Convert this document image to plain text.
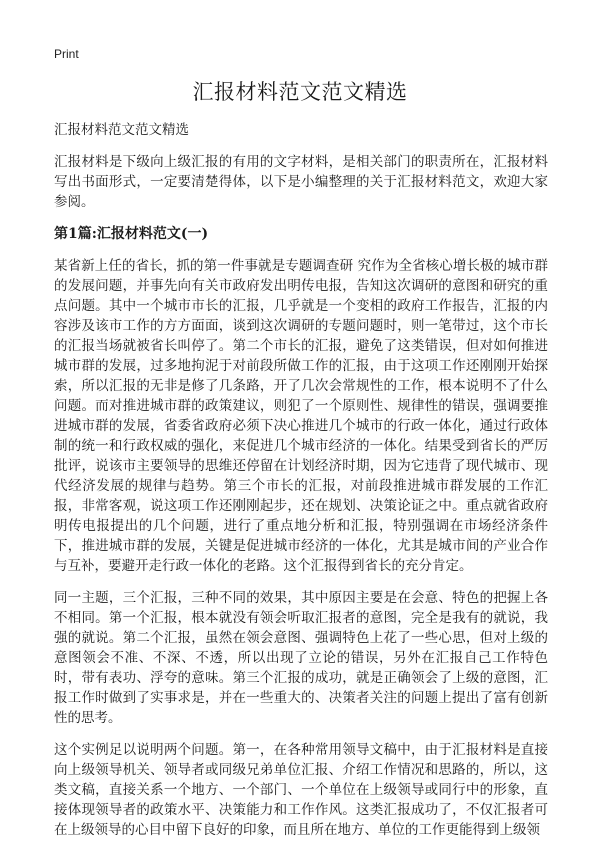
Print
汇报材料范文范文精选

汇报材料范文范文精选

汇报材料是下级向上级汇报的有用的文字材料，是相关部门的职责所在，汇报材料写出书面形式，一定要清楚得体，以下是小编整理的关于汇报材料范文，欢迎大家参阅。

第1篇:汇报材料范文(一)

某省新上任的省长，抓的第一件事就是专题调查研 究作为全省核心增长极的城市群的发展问题，并事先向有关市政府发出明传电报，告知这次调研的意图和研究的重点问题。其中一个城市市长的汇报，几乎就是一个变相的政府工作报告，汇报的内容涉及该市工作的方方面面，谈到这次调研的专题问题时，则一笔带过，这个市长的汇报当场就被省长叫停了。第二个市长的汇报，避免了这类错误，但对如何推进城市群的发展，过多地拘泥于对前段所做工作的汇报，由于这项工作还刚刚开始探索，所以汇报的无非是修了几条路，开了几次会常规性的工作，根本说明不了什么问题。而对推进城市群的政策建议，则犯了一个原则性、规律性的错误，强调要推进城市群的发展，省委省政府必须下决心推进几个城市的行政一体化，通过行政体制的统一和行政权威的强化，来促进几个城市经济的一体化。结果受到省长的严厉批评，说该市主要领导的思维还停留在计划经济时期，因为它违背了现代城市、现代经济发展的规律与趋势。第三个市长的汇报，对前段推进城市群发展的工作汇报，非常客观，说这项工作还刚刚起步，还在规划、决策论证之中。重点就省政府明传电报提出的几个问题，进行了重点地分析和汇报，特别强调在市场经济条件下，推进城市群的发展，关键是促进城市经济的一体化，尤其是城市间的产业合作与互补，要避开走行政一体化的老路。这个汇报得到省长的充分肯定。

同一主题，三个汇报，三种不同的效果，其中原因主要是在会意、特色的把握上各不相同。第一个汇报，根本就没有领会听取汇报者的意图，完全是我有的就说，我强的就说。第二个汇报，虽然在领会意图、强调特色上花了一些心思，但对上级的意图领会不准、不深、不透，所以出现了立论的错误，另外在汇报自己工作特色时，带有表功、浮夸的意味。第三个汇报的成功，就是正确领会了上级的意图，汇报工作时做到了实事求是，并在一些重大的、决策者关注的问题上提出了富有创新性的思考。

这个实例足以说明两个问题。第一，在各种常用领导文稿中，由于汇报材料是直接向上级领导机关、领导者或同级兄弟单位汇报、介绍工作情况和思路的，所以，这类文稿，直接关系一个地方、一个部门、一个单位在上级领导或同行中的形象，直接体现领导者的政策水平、决策能力和工作作风。这类汇报成功了，不仅汇报者可在上级领导的心目中留下良好的印象，而且所在地方、单位的工作更能得到上级领
